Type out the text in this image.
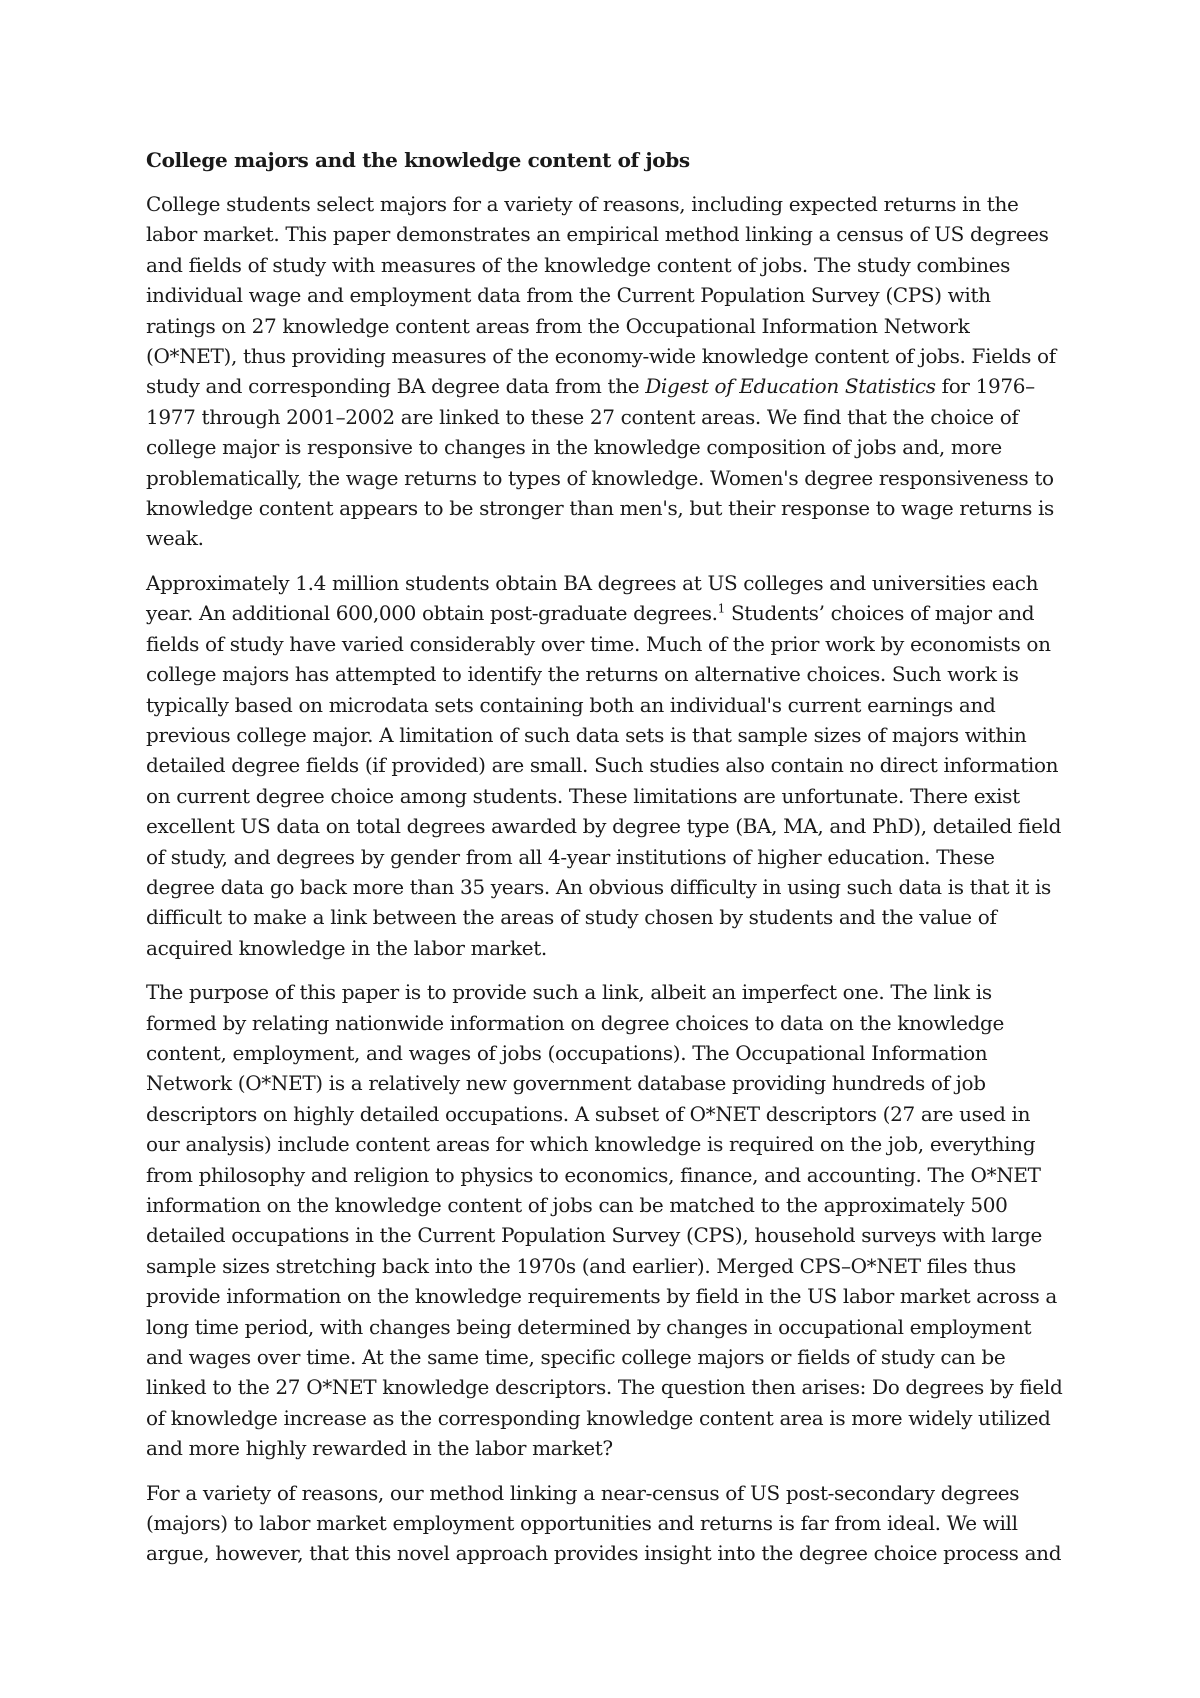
College majors and the knowledge content of jobs

College students select majors for a variety of reasons, including expected returns in the labor market. This paper demonstrates an empirical method linking a census of US degrees and fields of study with measures of the knowledge content of jobs. The study combines individual wage and employment data from the Current Population Survey (CPS) with ratings on 27 knowledge content areas from the Occupational Information Network (O*NET), thus providing measures of the economy-wide knowledge content of jobs. Fields of study and corresponding BA degree data from the Digest of Education Statistics for 1976–1977 through 2001–2002 are linked to these 27 content areas. We find that the choice of college major is responsive to changes in the knowledge composition of jobs and, more problematically, the wage returns to types of knowledge. Women's degree responsiveness to knowledge content appears to be stronger than men's, but their response to wage returns is weak.

Approximately 1.4 million students obtain BA degrees at US colleges and universities each year. An additional 600,000 obtain post-graduate degrees.$^1$ Students’ choices of major and fields of study have varied considerably over time. Much of the prior work by economists on college majors has attempted to identify the returns on alternative choices. Such work is typically based on microdata sets containing both an individual's current earnings and previous college major. A limitation of such data sets is that sample sizes of majors within detailed degree fields (if provided) are small. Such studies also contain no direct information on current degree choice among students. These limitations are unfortunate. There exist excellent US data on total degrees awarded by degree type (BA, MA, and PhD), detailed field of study, and degrees by gender from all 4-year institutions of higher education. These degree data go back more than 35 years. An obvious difficulty in using such data is that it is difficult to make a link between the areas of study chosen by students and the value of acquired knowledge in the labor market.

The purpose of this paper is to provide such a link, albeit an imperfect one. The link is formed by relating nationwide information on degree choices to data on the knowledge content, employment, and wages of jobs (occupations). The Occupational Information Network (O*NET) is a relatively new government database providing hundreds of job descriptors on highly detailed occupations. A subset of O*NET descriptors (27 are used in our analysis) include content areas for which knowledge is required on the job, everything from philosophy and religion to physics to economics, finance, and accounting. The O*NET information on the knowledge content of jobs can be matched to the approximately 500 detailed occupations in the Current Population Survey (CPS), household surveys with large sample sizes stretching back into the 1970s (and earlier). Merged CPS–O*NET files thus provide information on the knowledge requirements by field in the US labor market across a long time period, with changes being determined by changes in occupational employment and wages over time. At the same time, specific college majors or fields of study can be linked to the 27 O*NET knowledge descriptors. The question then arises: Do degrees by field of knowledge increase as the corresponding knowledge content area is more widely utilized and more highly rewarded in the labor market?

For a variety of reasons, our method linking a near-census of US post-secondary degrees (majors) to labor market employment opportunities and returns is far from ideal. We will argue, however, that this novel approach provides insight into the degree choice process and
